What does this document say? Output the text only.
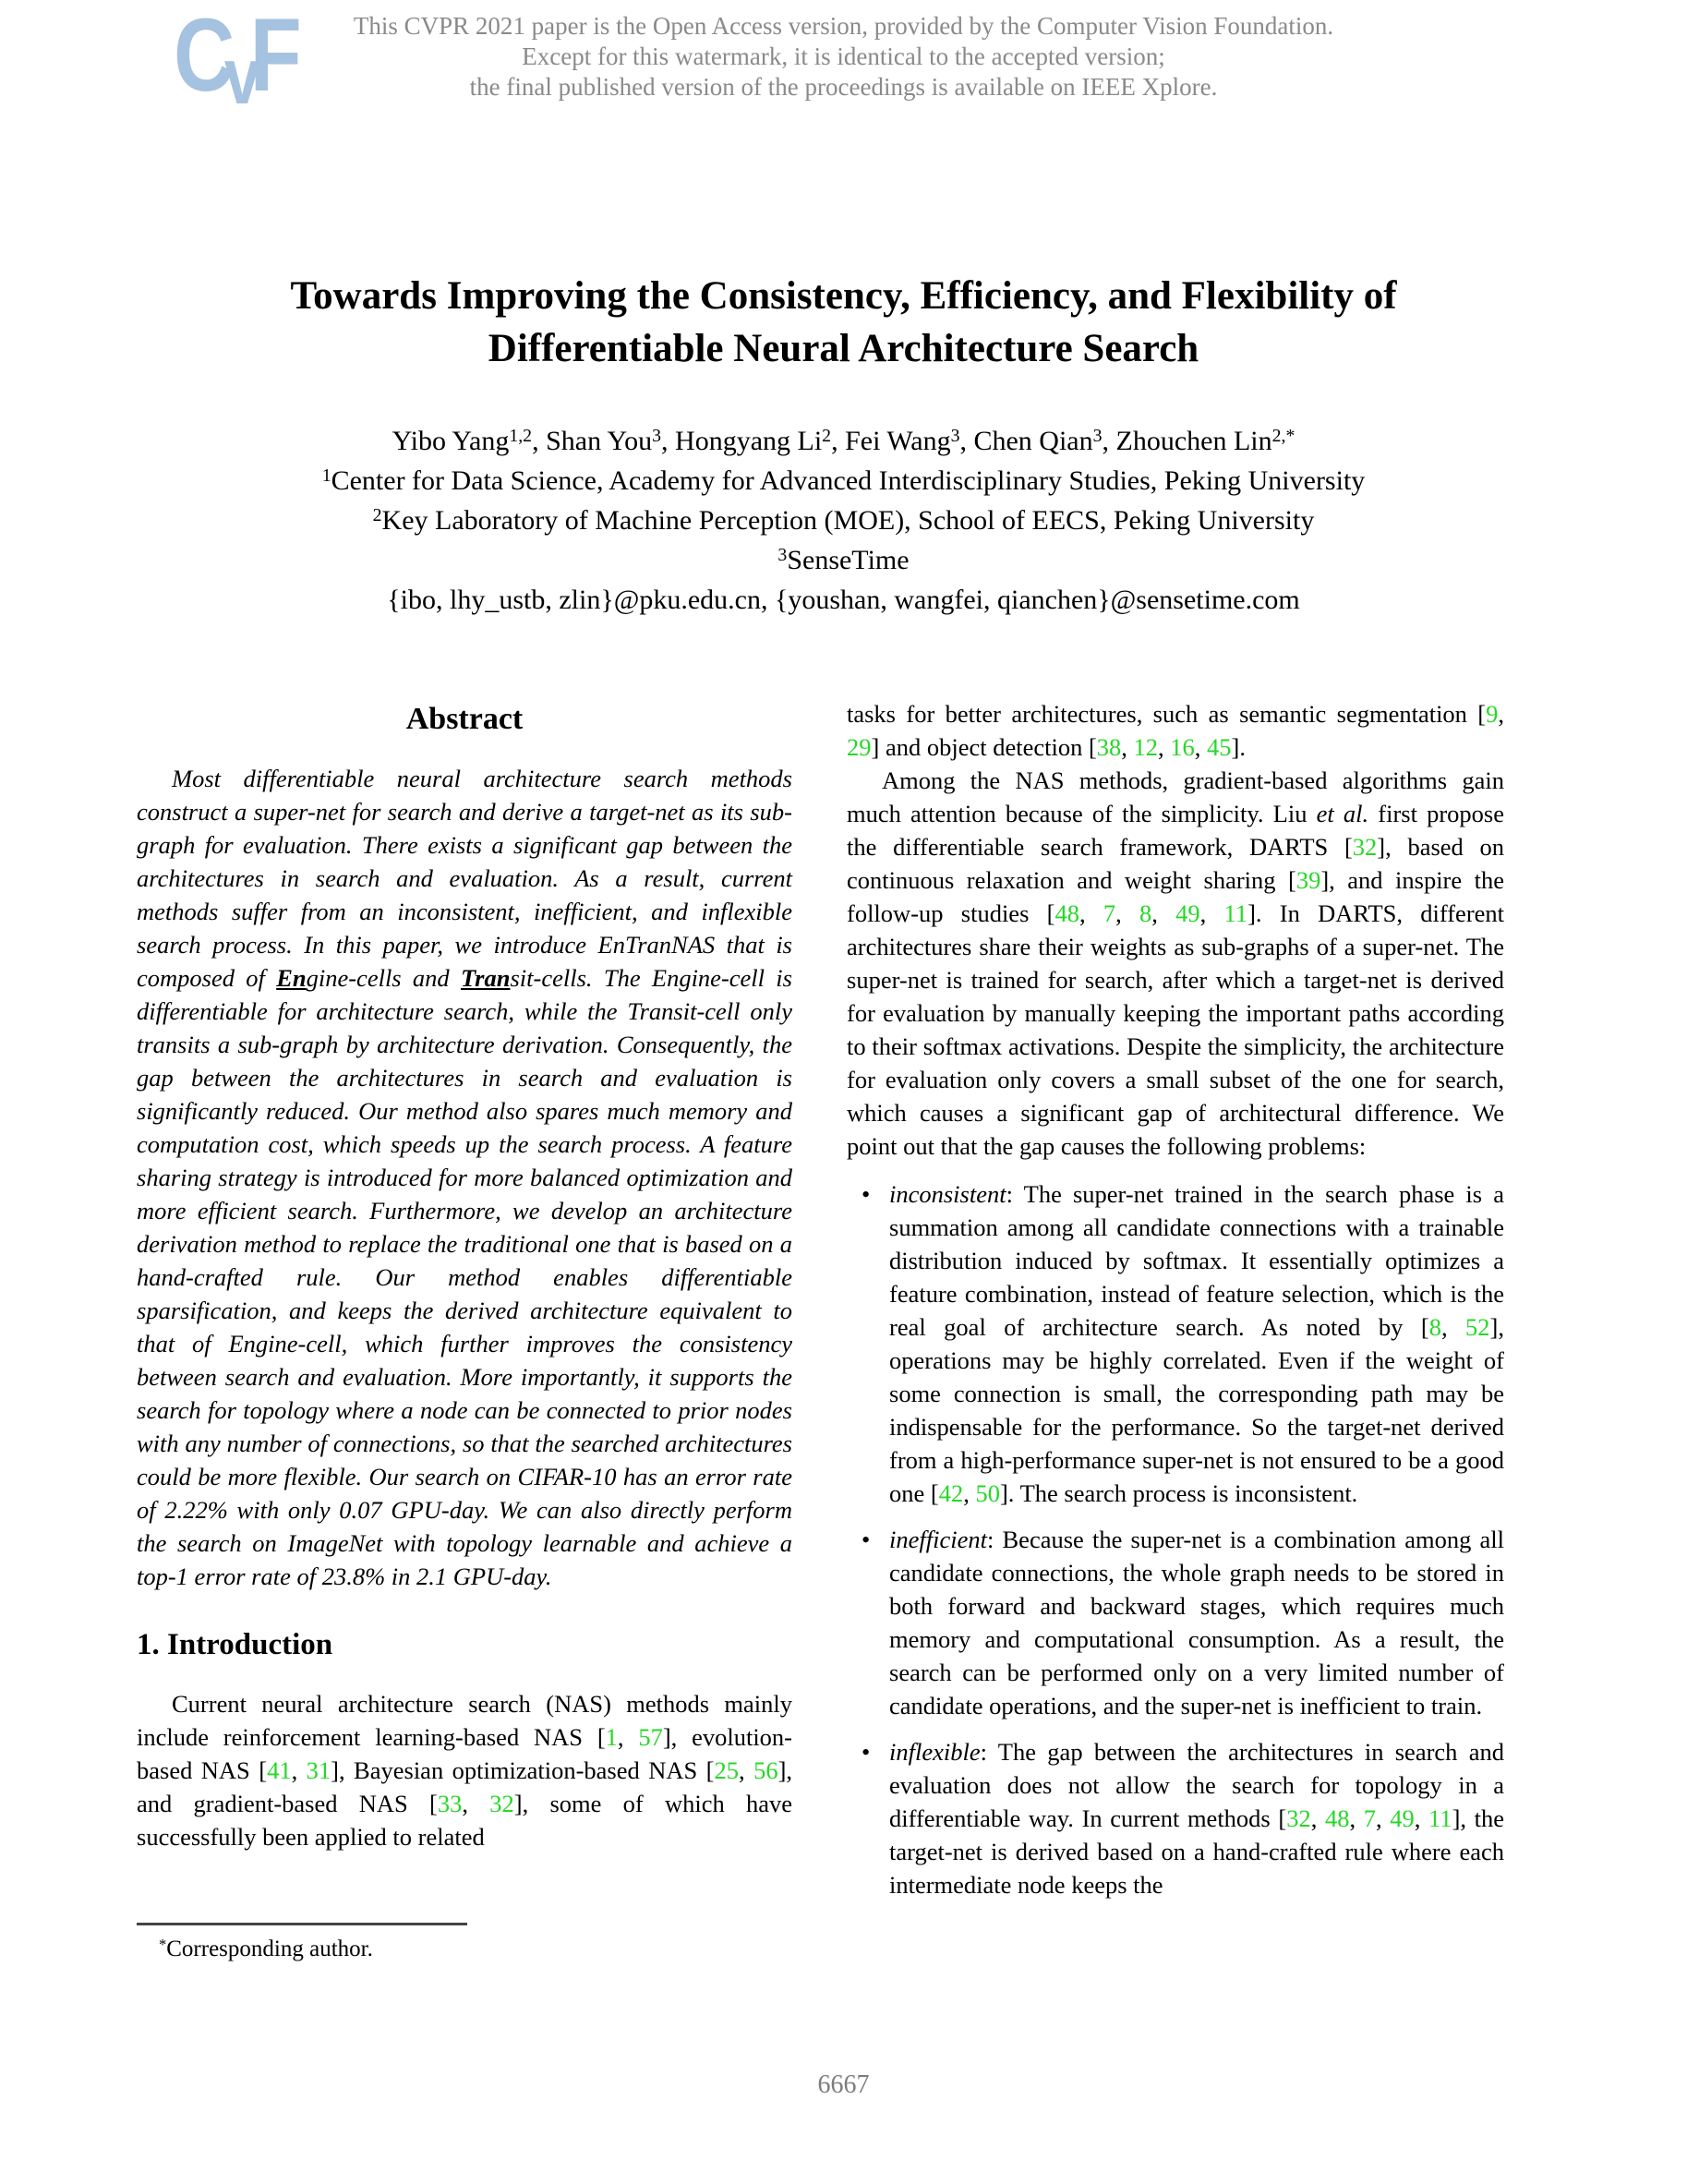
CvF	This CVPR 2021 paper is the Open Access version, provided by the Computer Vision Foundation.
Except for this watermark, it is identical to the accepted version;
the final published version of the proceedings is available on IEEE Xplore.
Towards Improving the Consistency, Efficiency, and Flexibility of
Differentiable Neural Architecture Search
Yibo Yang$^{1,2}$, Shan You$^3$, Hongyang Li$^2$, Fei Wang$^3$, Chen Qian$^3$, Zhouchen Lin$^{2,*}$
$^1$Center for Data Science, Academy for Advanced Interdisciplinary Studies, Peking University
$^2$Key Laboratory of Machine Perception (MOE), School of EECS, Peking University
$^3$SenseTime
{ibo, lhy_ustb, zlin}@pku.edu.cn, {youshan, wangfei, qianchen}@sensetime.com
Abstract

Most differentiable neural architecture search methods construct a super-net for search and derive a target-net as its sub-graph for evaluation. There exists a significant gap between the architectures in search and evaluation. As a result, current methods suffer from an inconsistent, inefficient, and inflexible search process. In this paper, we introduce EnTranNAS that is composed of Engine-cells and Transit-cells. The Engine-cell is differentiable for architecture search, while the Transit-cell only transits a sub-graph by architecture derivation. Consequently, the gap between the architectures in search and evaluation is significantly reduced. Our method also spares much memory and computation cost, which speeds up the search process. A feature sharing strategy is introduced for more balanced optimization and more efficient search. Furthermore, we develop an architecture derivation method to replace the traditional one that is based on a hand-crafted rule. Our method enables differentiable sparsification, and keeps the derived architecture equivalent to that of Engine-cell, which further improves the consistency between search and evaluation. More importantly, it supports the search for topology where a node can be connected to prior nodes with any number of connections, so that the searched architectures could be more flexible. Our search on CIFAR-10 has an error rate of 2.22% with only 0.07 GPU-day. We can also directly perform the search on ImageNet with topology learnable and achieve a top-1 error rate of 23.8% in 2.1 GPU-day.

1. Introduction

Current neural architecture search (NAS) methods mainly include reinforcement learning-based NAS [1, 57], evolution-based NAS [41, 31], Bayesian optimization-based NAS [25, 56], and gradient-based NAS [33, 32], some of which have successfully been applied to related

tasks for better architectures, such as semantic segmentation [9, 29] and object detection [38, 12, 16, 45].

Among the NAS methods, gradient-based algorithms gain much attention because of the simplicity. Liu et al. first propose the differentiable search framework, DARTS [32], based on continuous relaxation and weight sharing [39], and inspire the follow-up studies [48, 7, 8, 49, 11]. In DARTS, different architectures share their weights as sub-graphs of a super-net. The super-net is trained for search, after which a target-net is derived for evaluation by manually keeping the important paths according to their softmax activations. Despite the simplicity, the architecture for evaluation only covers a small subset of the one for search, which causes a significant gap of architectural difference. We point out that the gap causes the following problems:

• inconsistent: The super-net trained in the search phase is a summation among all candidate connections with a trainable distribution induced by softmax. It essentially optimizes a feature combination, instead of feature selection, which is the real goal of architecture search. As noted by [8, 52], operations may be highly correlated. Even if the weight of some connection is small, the corresponding path may be indispensable for the performance. So the target-net derived from a high-performance super-net is not ensured to be a good one [42, 50]. The search process is inconsistent.
• inefficient: Because the super-net is a combination among all candidate connections, the whole graph needs to be stored in both forward and backward stages, which requires much memory and computational consumption. As a result, the search can be performed only on a very limited number of candidate operations, and the super-net is inefficient to train.
• inflexible: The gap between the architectures in search and evaluation does not allow the search for topology in a differentiable way. In current methods [32, 48, 7, 49, 11], the target-net is derived based on a hand-crafted rule where each intermediate node keeps the
*Corresponding author.
6667
